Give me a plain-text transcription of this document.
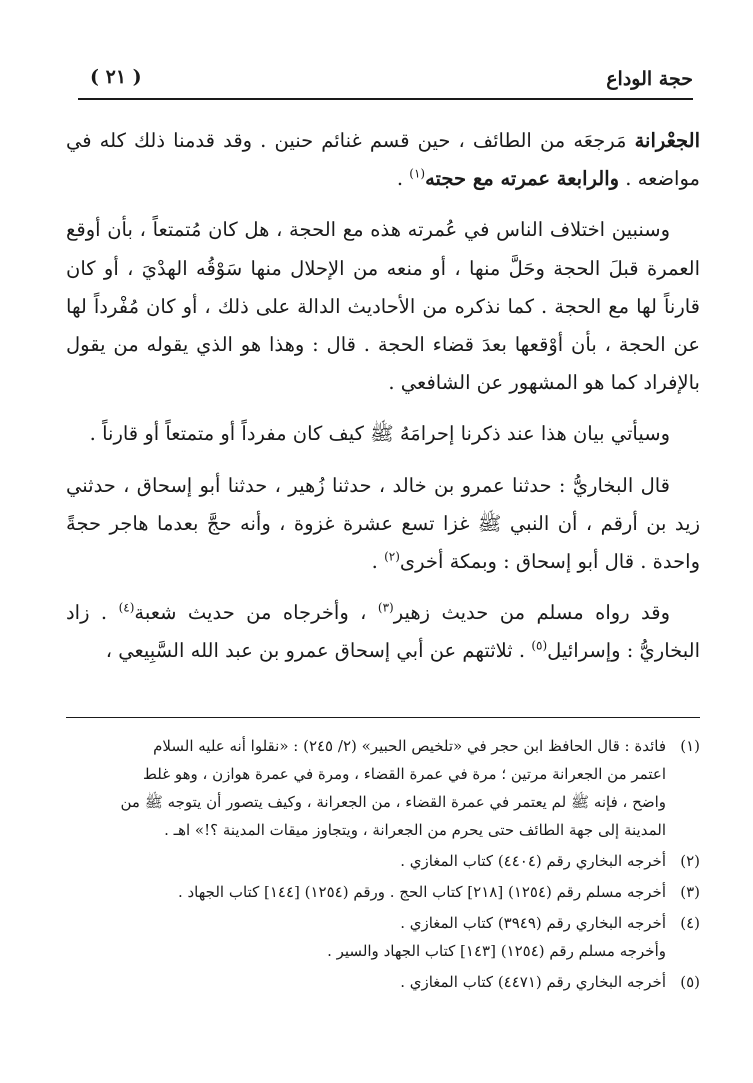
حجة الوداع
( ٢١ )

الجعْرانة مَرجعَه من الطائف ، حين قسم غنائم حنين . وقد قدمنا ذلك كله في مواضعه . والرابعة عمرته مع حجته$^{(١)}$ .

وسنبين اختلاف الناس في عُمرته هذه مع الحجة ، هل كان مُتمتعاً ، بأن أوقع العمرة قبلَ الحجة وحَلَّ منها ، أو منعه من الإحلال منها سَوْقُه الهدْيَ ، أو كان قارناً لها مع الحجة . كما نذكره من الأحاديث الدالة على ذلك ، أو كان مُفْرداً لها عن الحجة ، بأن أوْقعها بعدَ قضاء الحجة . قال : وهذا هو الذي يقوله من يقول بالإفراد كما هو المشهور عن الشافعي .

وسيأتي بيان هذا عند ذكرنا إحرامَهُ ﷺ كيف كان مفرداً أو متمتعاً أو قارناً .

قال البخاريُّ : حدثنا عمرو بن خالد ، حدثنا زُهير ، حدثنا أبو إسحاق ، حدثني زيد بن أرقم ، أن النبي ﷺ غزا تسع عشرة غزوة ، وأنه حجَّ بعدما هاجر حجةً واحدة . قال أبو إسحاق : وبمكة أخرى$^{(٢)}$ .

وقد رواه مسلم من حديث زهير$^{(٣)}$ ، وأخرجاه من حديث شعبة$^{(٤)}$ . زاد البخاريُّ : وإسرائيل$^{(٥)}$ . ثلاثتهم عن أبي إسحاق عمرو بن عبد الله السَّبِيعي ،

(١)
فائدة : قال الحافظ ابن حجر في «تلخيص الحبير» (٢/ ٢٤٥) : «نقلوا أنه عليه السلام
اعتمر من الجعرانة مرتين ؛ مرة في عمرة القضاء ، ومرة في عمرة هوازن ، وهو غلط
واضح ، فإنه ﷺ لم يعتمر في عمرة القضاء ، من الجعرانة ، وكيف يتصور أن يتوجه ﷺ من
المدينة إلى جهة الطائف حتى يحرم من الجعرانة ، ويتجاوز ميقات المدينة ؟!» اهـ .
(٢)
أخرجه البخاري رقم (٤٤٠٤) كتاب المغازي .
(٣)
أخرجه مسلم رقم (١٢٥٤) [٢١٨] كتاب الحج . ورقم (١٢٥٤) [١٤٤] كتاب الجهاد .
(٤)
أخرجه البخاري رقم (٣٩٤٩) كتاب المغازي .
وأخرجه مسلم رقم (١٢٥٤) [١٤٣] كتاب الجهاد والسير .
(٥)
أخرجه البخاري رقم (٤٤٧١) كتاب المغازي .
